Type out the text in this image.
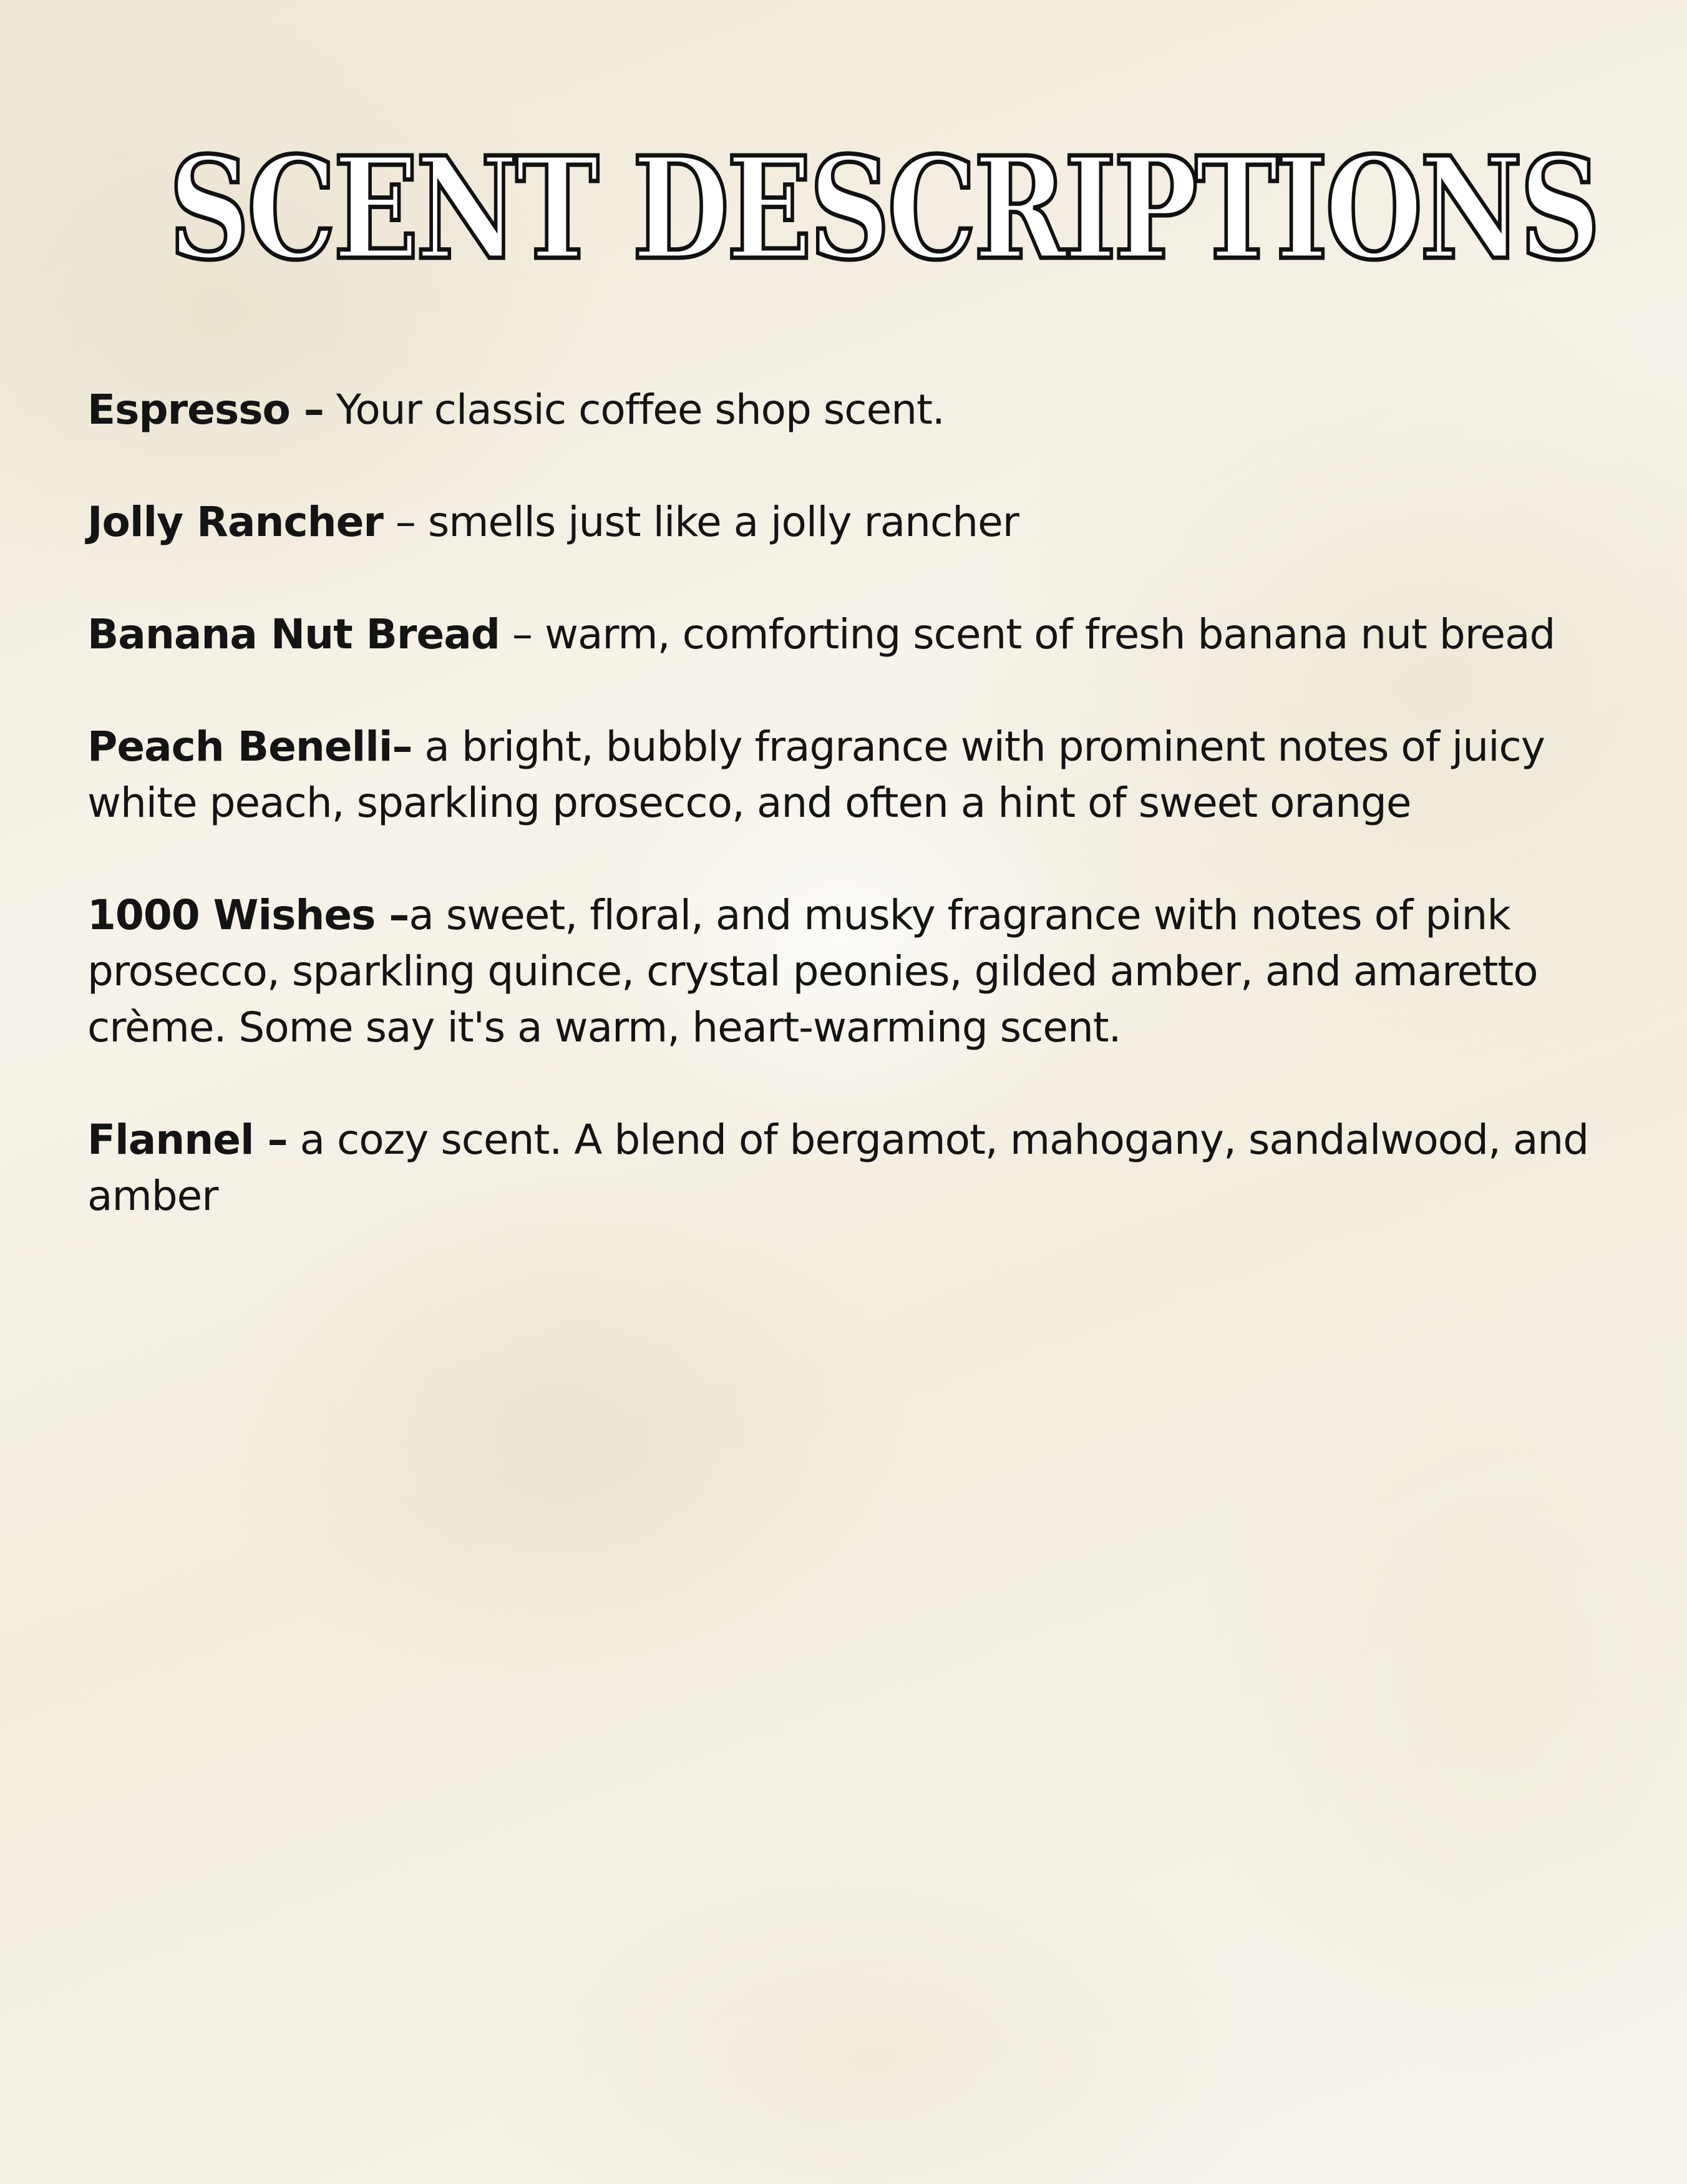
SCENT DESCRIPTIONS

Espresso – Your classic coffee shop scent.

Jolly Rancher – smells just like a jolly rancher

Banana Nut Bread – warm, comforting scent of fresh banana nut bread

Peach Benelli– a bright, bubbly fragrance with prominent notes of juicy white peach, sparkling prosecco, and often a hint of sweet orange

1000 Wishes –a sweet, floral, and musky fragrance with notes of pink prosecco, sparkling quince, crystal peonies, gilded amber, and amaretto crème. Some say it's a warm, heart-warming scent.

Flannel – a cozy scent. A blend of bergamot, mahogany, sandalwood, and amber
